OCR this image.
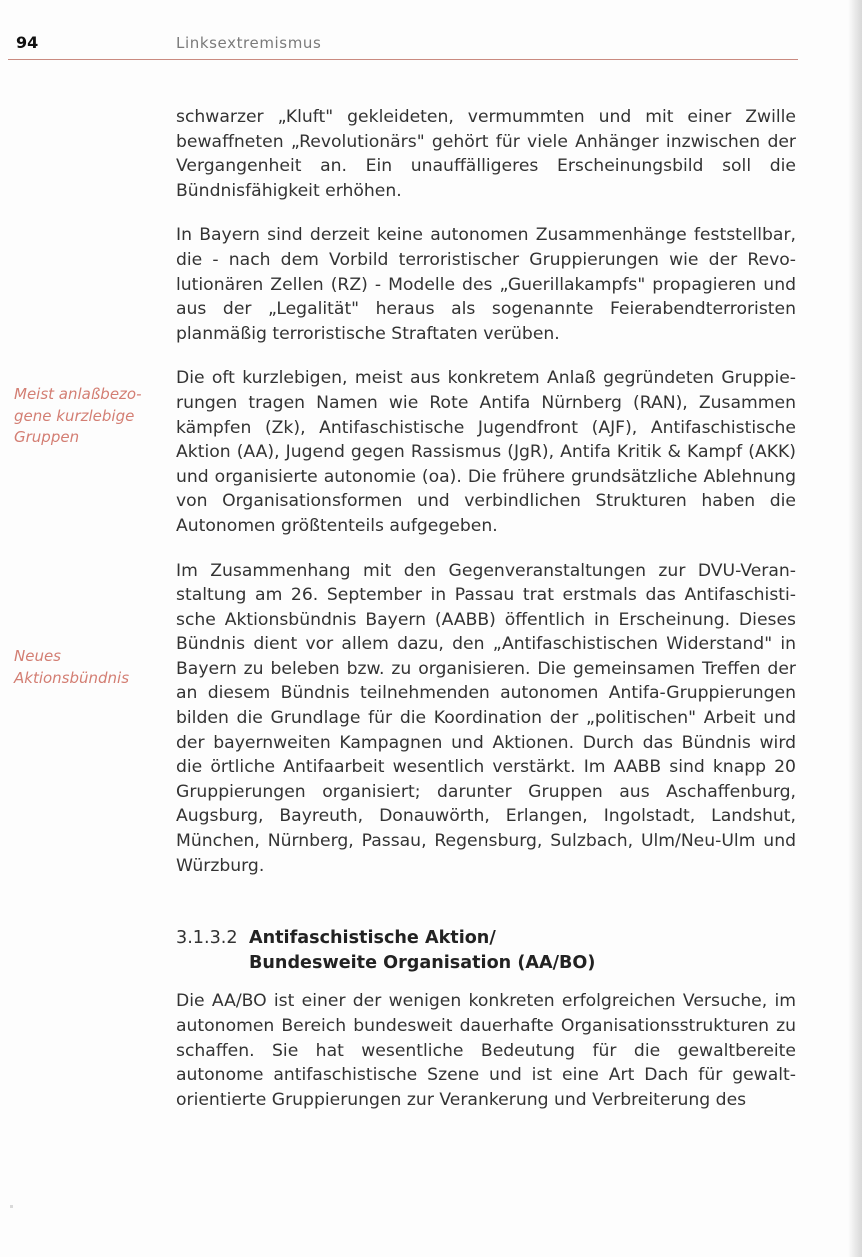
94	Linksextremismus
Meist anlaßbezo-
gene kurzlebige
Gruppen
Neues
Aktionsbündnis

schwarzer „Kluft" gekleideten, vermummten und mit einer Zwille bewaffneten „Revolutionärs" gehört für viele Anhänger inzwischen der Vergangenheit an. Ein unauffälligeres Erscheinungsbild soll die Bündnisfähigkeit erhöhen.

In Bayern sind derzeit keine autonomen Zusammenhänge feststellbar, die - nach dem Vorbild terroristischer Gruppierungen wie der Revolutionären Zellen (RZ) - Modelle des „Guerillakampfs" propagieren und aus der „Legalität" heraus als sogenannte Feierabendterroristen planmäßig terroristische Straftaten verüben.

Die oft kurzlebigen, meist aus konkretem Anlaß gegründeten Gruppierungen tragen Namen wie Rote Antifa Nürnberg (RAN), Zusammen kämpfen (Zk), Antifaschistische Jugendfront (AJF), Antifaschistische Aktion (AA), Jugend gegen Rassismus (JgR), Antifa Kritik & Kampf (AKK) und organisierte autonomie (oa). Die frühere grundsätzliche Ablehnung von Organisationsformen und verbindlichen Strukturen haben die Autonomen größtenteils aufgegeben.

Im Zusammenhang mit den Gegenveranstaltungen zur DVU-Veranstaltung am 26. September in Passau trat erstmals das Antifaschistische Aktionsbündnis Bayern (AABB) öffentlich in Erscheinung. Dieses Bündnis dient vor allem dazu, den „Antifaschistischen Widerstand" in Bayern zu beleben bzw. zu organisieren. Die gemeinsamen Treffen der an diesem Bündnis teilnehmenden autonomen Antifa-Gruppierungen bilden die Grundlage für die Koordination der „politischen" Arbeit und der bayernweiten Kampagnen und Aktionen. Durch das Bündnis wird die örtliche Antifaarbeit wesentlich verstärkt. Im AABB sind knapp 20 Gruppierungen organisiert; darunter Gruppen aus Aschaffenburg, Augsburg, Bayreuth, Donauwörth, Erlangen, Ingolstadt, Landshut, München, Nürnberg, Passau, Regensburg, Sulzbach, Ulm/Neu-Ulm und Würzburg.

3.1.3.2 Antifaschistische Aktion/
Bundesweite Organisation (AA/BO)

Die AA/BO ist einer der wenigen konkreten erfolgreichen Versuche, im autonomen Bereich bundesweit dauerhafte Organisationsstrukturen zu schaffen. Sie hat wesentliche Bedeutung für die gewaltbereite autonome antifaschistische Szene und ist eine Art Dach für gewaltorientierte Gruppierungen zur Verankerung und Verbreiterung des
